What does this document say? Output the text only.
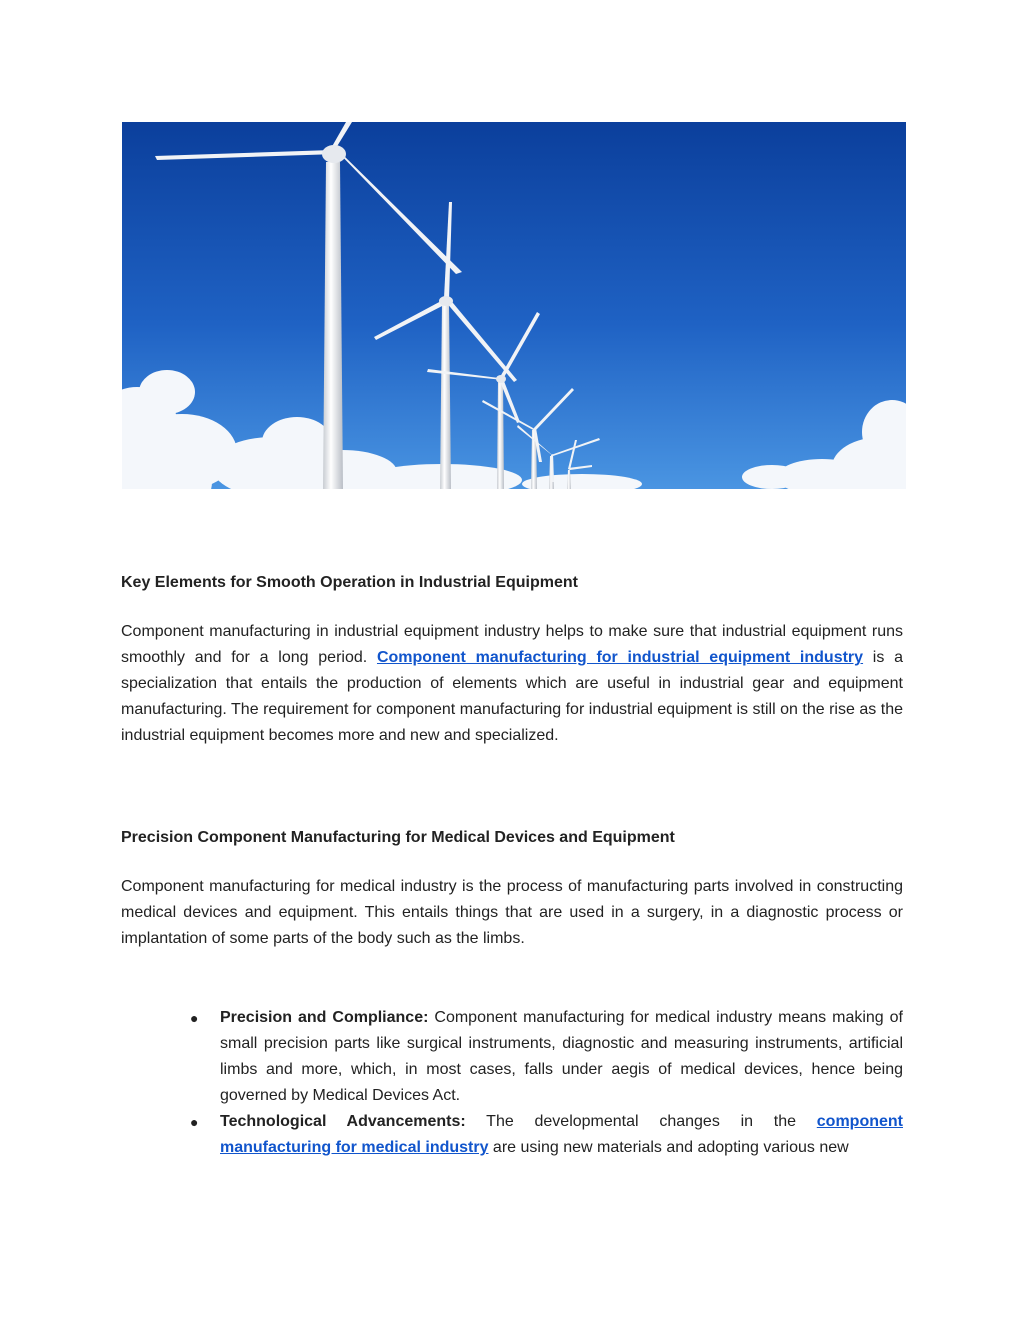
Key Elements for Smooth Operation in Industrial Equipment

Component manufacturing in industrial equipment industry helps to make sure that industrial equipment runs smoothly and for a long period. Component manufacturing for industrial equipment industry is a specialization that entails the production of elements which are useful in industrial gear and equipment manufacturing. The requirement for component manufacturing for industrial equipment is still on the rise as the industrial equipment becomes more and new and specialized.

Precision Component Manufacturing for Medical Devices and Equipment

Component manufacturing for medical industry is the process of manufacturing parts involved in constructing medical devices and equipment. This entails things that are used in a surgery, in a diagnostic process or implantation of some parts of the body such as the limbs.

● Precision and Compliance: Component manufacturing for medical industry means making of small precision parts like surgical instruments, diagnostic and measuring instruments, artificial limbs and more, which, in most cases, falls under aegis of medical devices, hence being governed by Medical Devices Act.
● Technological Advancements: The developmental changes in the component manufacturing for medical industry are using new materials and adopting various new
